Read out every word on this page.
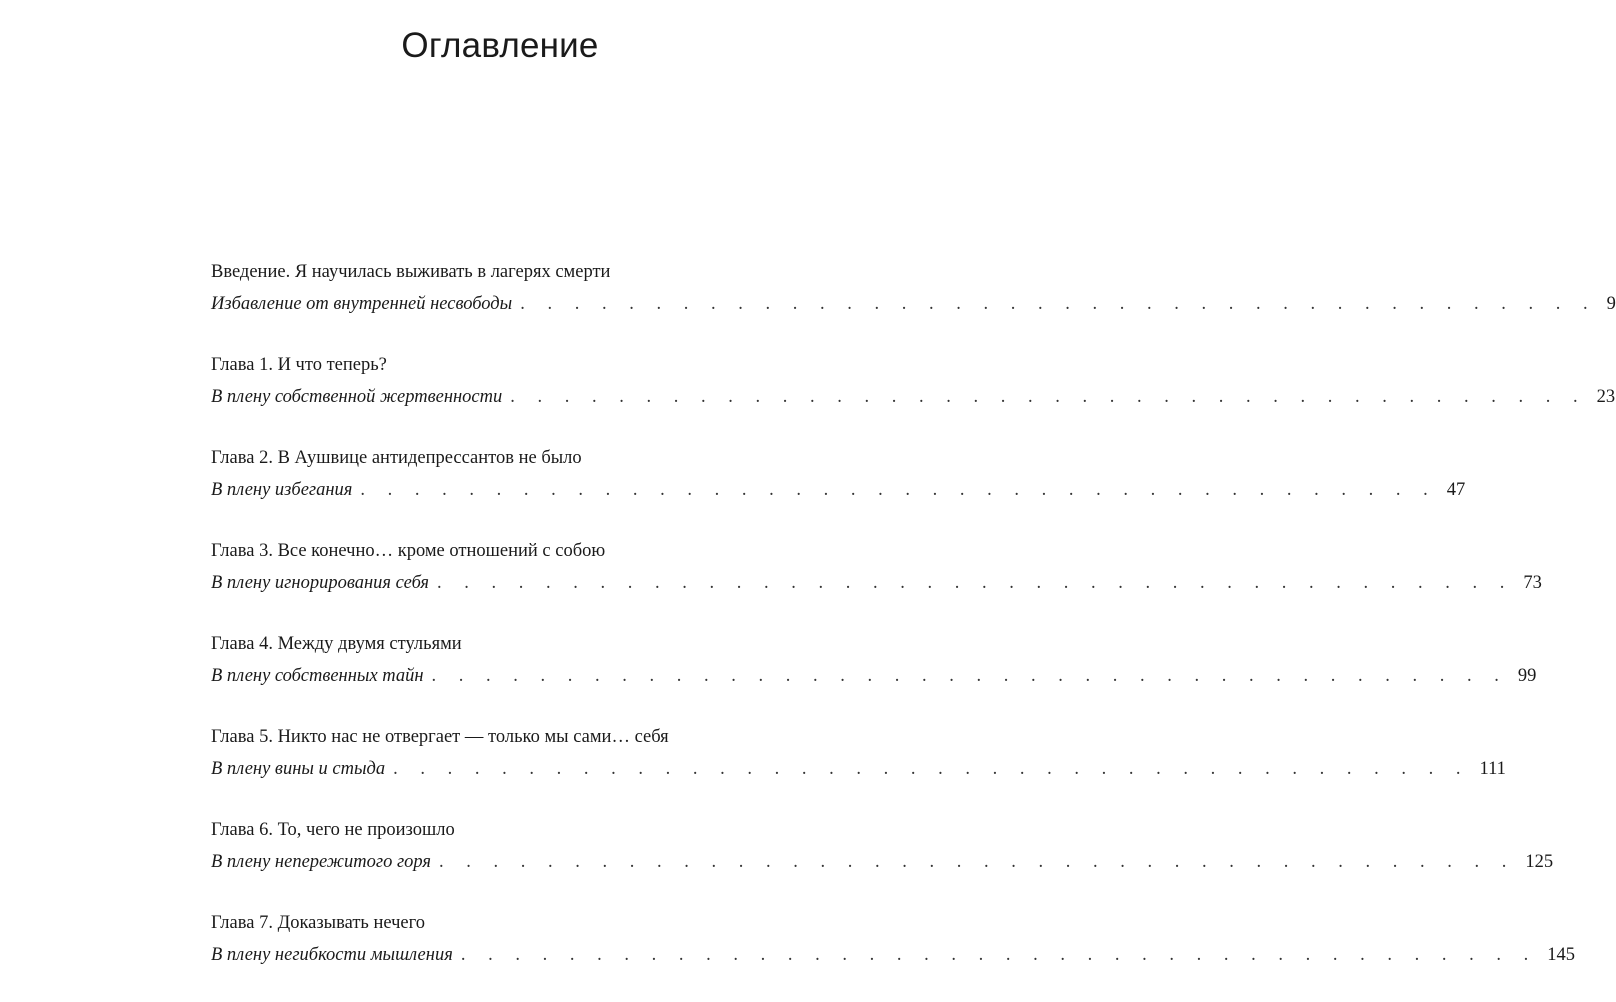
Оглавление
Введение. Я научилась выживать в лагерях смерти
Избавление от внутренней несвободы . . . . . . . . . . . . . . . . . . . . . . . . . . . . . . . . . . . . . . . . 9
Глава 1. И что теперь?
В плену собственной жертвенности . . . . . . . . . . . . . . . . . . . . . . . . . . . . . . . . . . . . . . . . 23
Глава 2. В Аушвице антидепрессантов не было
В плену избегания . . . . . . . . . . . . . . . . . . . . . . . . . . . . . . . . . . . . . . . . 47
Глава 3. Все конечно… кроме отношений с собою
В плену игнорирования себя . . . . . . . . . . . . . . . . . . . . . . . . . . . . . . . . . . . . . . . . 73
Глава 4. Между двумя стульями
В плену собственных тайн . . . . . . . . . . . . . . . . . . . . . . . . . . . . . . . . . . . . . . . . 99
Глава 5. Никто нас не отвергает — только мы сами… себя
В плену вины и стыда . . . . . . . . . . . . . . . . . . . . . . . . . . . . . . . . . . . . . . . . 111
Глава 6. То, чего не произошло
В плену непережитого горя . . . . . . . . . . . . . . . . . . . . . . . . . . . . . . . . . . . . . . . . 125
Глава 7. Доказывать нечего
В плену негибкости мышления . . . . . . . . . . . . . . . . . . . . . . . . . . . . . . . . . . . . . . . . 145
